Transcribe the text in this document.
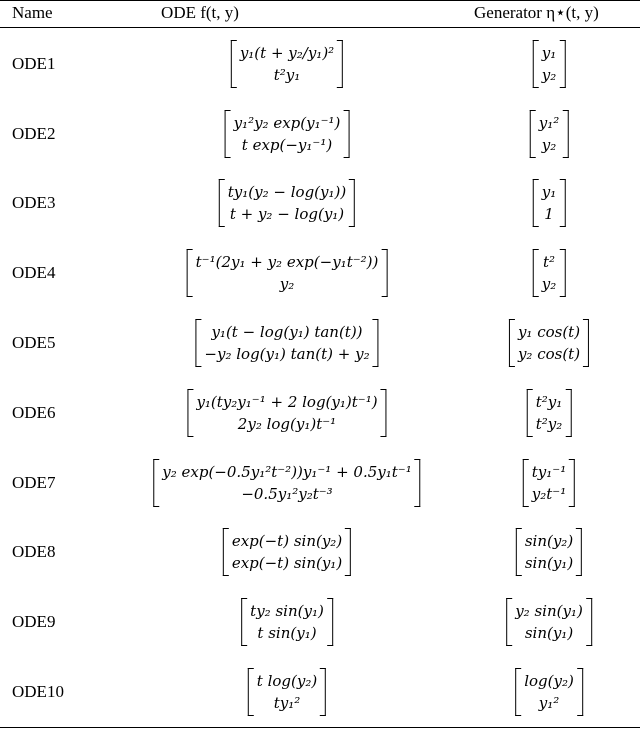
Name	ODE f(t, y)	Generator η⋆(t, y)
ODE1
y₁(t + y₂/y₁)²
t²y₁
y₁
y₂
ODE2
y₁²y₂ exp(y₁⁻¹)
t exp(−y₁⁻¹)
y₁²
y₂
ODE3
ty₁(y₂ − log(y₁))
t + y₂ − log(y₁)
y₁
1
ODE4
t⁻¹(2y₁ + y₂ exp(−y₁t⁻²))
y₂
t²
y₂
ODE5
y₁(t − log(y₁) tan(t))
−y₂ log(y₁) tan(t) + y₂
y₁ cos(t)
y₂ cos(t)
ODE6
y₁(ty₂y₁⁻¹ + 2 log(y₁)t⁻¹)
2y₂ log(y₁)t⁻¹
t²y₁
t²y₂
ODE7
y₂ exp(−0.5y₁²t⁻²))y₁⁻¹ + 0.5y₁t⁻¹
−0.5y₁²y₂t⁻³
ty₁⁻¹
y₂t⁻¹
ODE8
exp(−t) sin(y₂)
exp(−t) sin(y₁)
sin(y₂)
sin(y₁)
ODE9
ty₂ sin(y₁)
t sin(y₁)
y₂ sin(y₁)
sin(y₁)
ODE10
t log(y₂)
ty₁²
log(y₂)
y₁²
